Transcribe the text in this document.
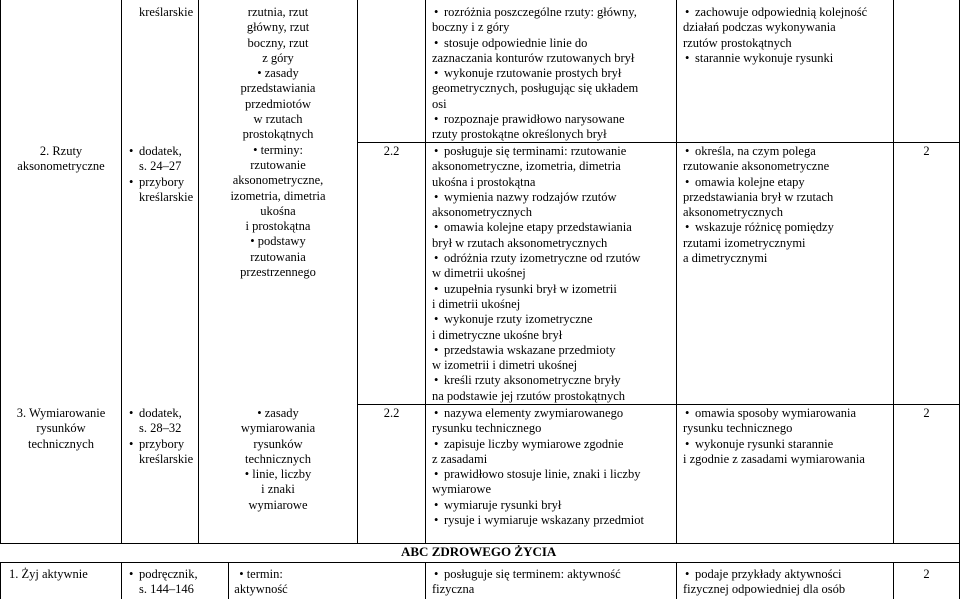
2. Rzuty
aksonometryczne
3. Wymiarowanie
rysunków
technicznych
1. Żyj aktywnie
kreślarskie
• dodatek,
s. 24–27
• przybory
kreślarskie
• dodatek,
s. 28–32
• przybory
kreślarskie
• podręcznik,
s. 144–146
rzutnia, rzut
główny, rzut
boczny, rzut
z góry
• zasady
przedstawiania
przedmiotów
w rzutach
prostokątnych
• terminy:
rzutowanie
aksonometryczne,
izometria, dimetria
ukośna
i prostokątna
• podstawy
rzutowania
przestrzennego
• zasady
wymiarowania
rysunków
technicznych
• linie, liczby
i znaki
wymiarowe
• termin:
aktywność
2.2
2.2
• rozróżnia poszczególne rzuty: główny,
boczny i z góry
• stosuje odpowiednie linie do
zaznaczania konturów rzutowanych brył
• wykonuje rzutowanie prostych brył
geometrycznych, posługując się układem
osi
• rozpoznaje prawidłowo narysowane
rzuty prostokątne określonych brył
• posługuje się terminami: rzutowanie
aksonometryczne, izometria, dimetria
ukośna i prostokątna
• wymienia nazwy rodzajów rzutów
aksonometrycznych
• omawia kolejne etapy przedstawiania
brył w rzutach aksonometrycznych
• odróżnia rzuty izometryczne od rzutów
w dimetrii ukośnej
• uzupełnia rysunki brył w izometrii
i dimetrii ukośnej
• wykonuje rzuty izometryczne
i dimetryczne ukośne brył
• przedstawia wskazane przedmioty
w izometrii i dimetri ukośnej
• kreśli rzuty aksonometryczne bryły
na podstawie jej rzutów prostokątnych
• nazywa elementy zwymiarowanego
rysunku technicznego
• zapisuje liczby wymiarowe zgodnie
z zasadami
• prawidłowo stosuje linie, znaki i liczby
wymiarowe
• wymiaruje rysunki brył
• rysuje i wymiaruje wskazany przedmiot
• posługuje się terminem: aktywność
fizyczna
• zachowuje odpowiednią kolejność
działań podczas wykonywania
rzutów prostokątnych
• starannie wykonuje rysunki
• określa, na czym polega
rzutowanie aksonometryczne
• omawia kolejne etapy
przedstawiania brył w rzutach
aksonometrycznych
• wskazuje różnicę pomiędzy
rzutami izometrycznymi
a dimetrycznymi
• omawia sposoby wymiarowania
rysunku technicznego
• wykonuje rysunki starannie
i zgodnie z zasadami wymiarowania
• podaje przykłady aktywności
fizycznej odpowiedniej dla osób
2
2
2
ABC ZDROWEGO ŻYCIA
